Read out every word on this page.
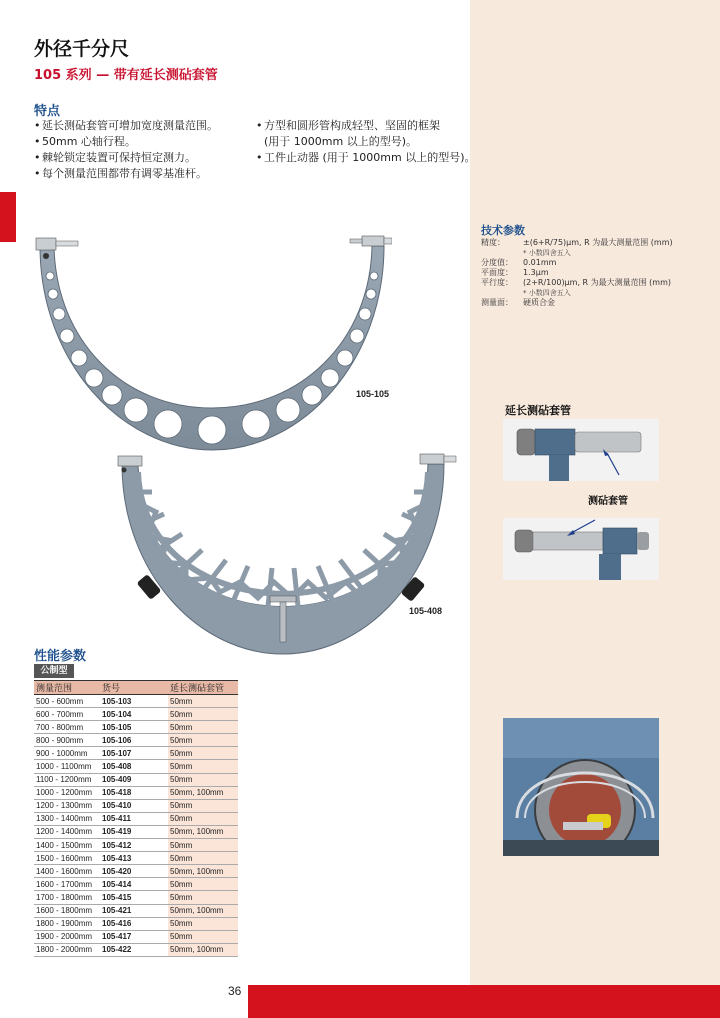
外径千分尺
105 系列 — 带有延长测砧套管
特点
• 延长测砧套管可增加宽度测量范围。
• 50mm 心轴行程。
• 棘轮锁定装置可保持恒定测力。
• 每个测量范围都带有调零基准杆。
• 方型和圆形管构成轻型、坚固的框架
(用于 1000mm 以上的型号)。
• 工件止动器 (用于 1000mm 以上的型号)。
105-105
105-408
技术参数
精度：	±(6+R/75)µm, R 为最大测量范围 (mm)
* 小数四舍五入

分度值：	0.01mm

平面度：	1.3µm

平行度：	(2+R/100)µm, R 为最大测量范围 (mm)
* 小数四舍五入

测量面：	硬质合金
延长测砧套管
测砧套管
性能参数
公制型
测量范围	货号	延长测砧套管
500 - 600mm	105-103	50mm
600 - 700mm	105-104	50mm
700 - 800mm	105-105	50mm
800 - 900mm	105-106	50mm
900 - 1000mm	105-107	50mm
1000 - 1100mm	105-408	50mm
1100 - 1200mm	105-409	50mm
1000 - 1200mm	105-418	50mm, 100mm
1200 - 1300mm	105-410	50mm
1300 - 1400mm	105-411	50mm
1200 - 1400mm	105-419	50mm, 100mm
1400 - 1500mm	105-412	50mm
1500 - 1600mm	105-413	50mm
1400 - 1600mm	105-420	50mm, 100mm
1600 - 1700mm	105-414	50mm
1700 - 1800mm	105-415	50mm
1600 - 1800mm	105-421	50mm, 100mm
1800 - 1900mm	105-416	50mm
1900 - 2000mm	105-417	50mm
1800 - 2000mm	105-422	50mm, 100mm
36
